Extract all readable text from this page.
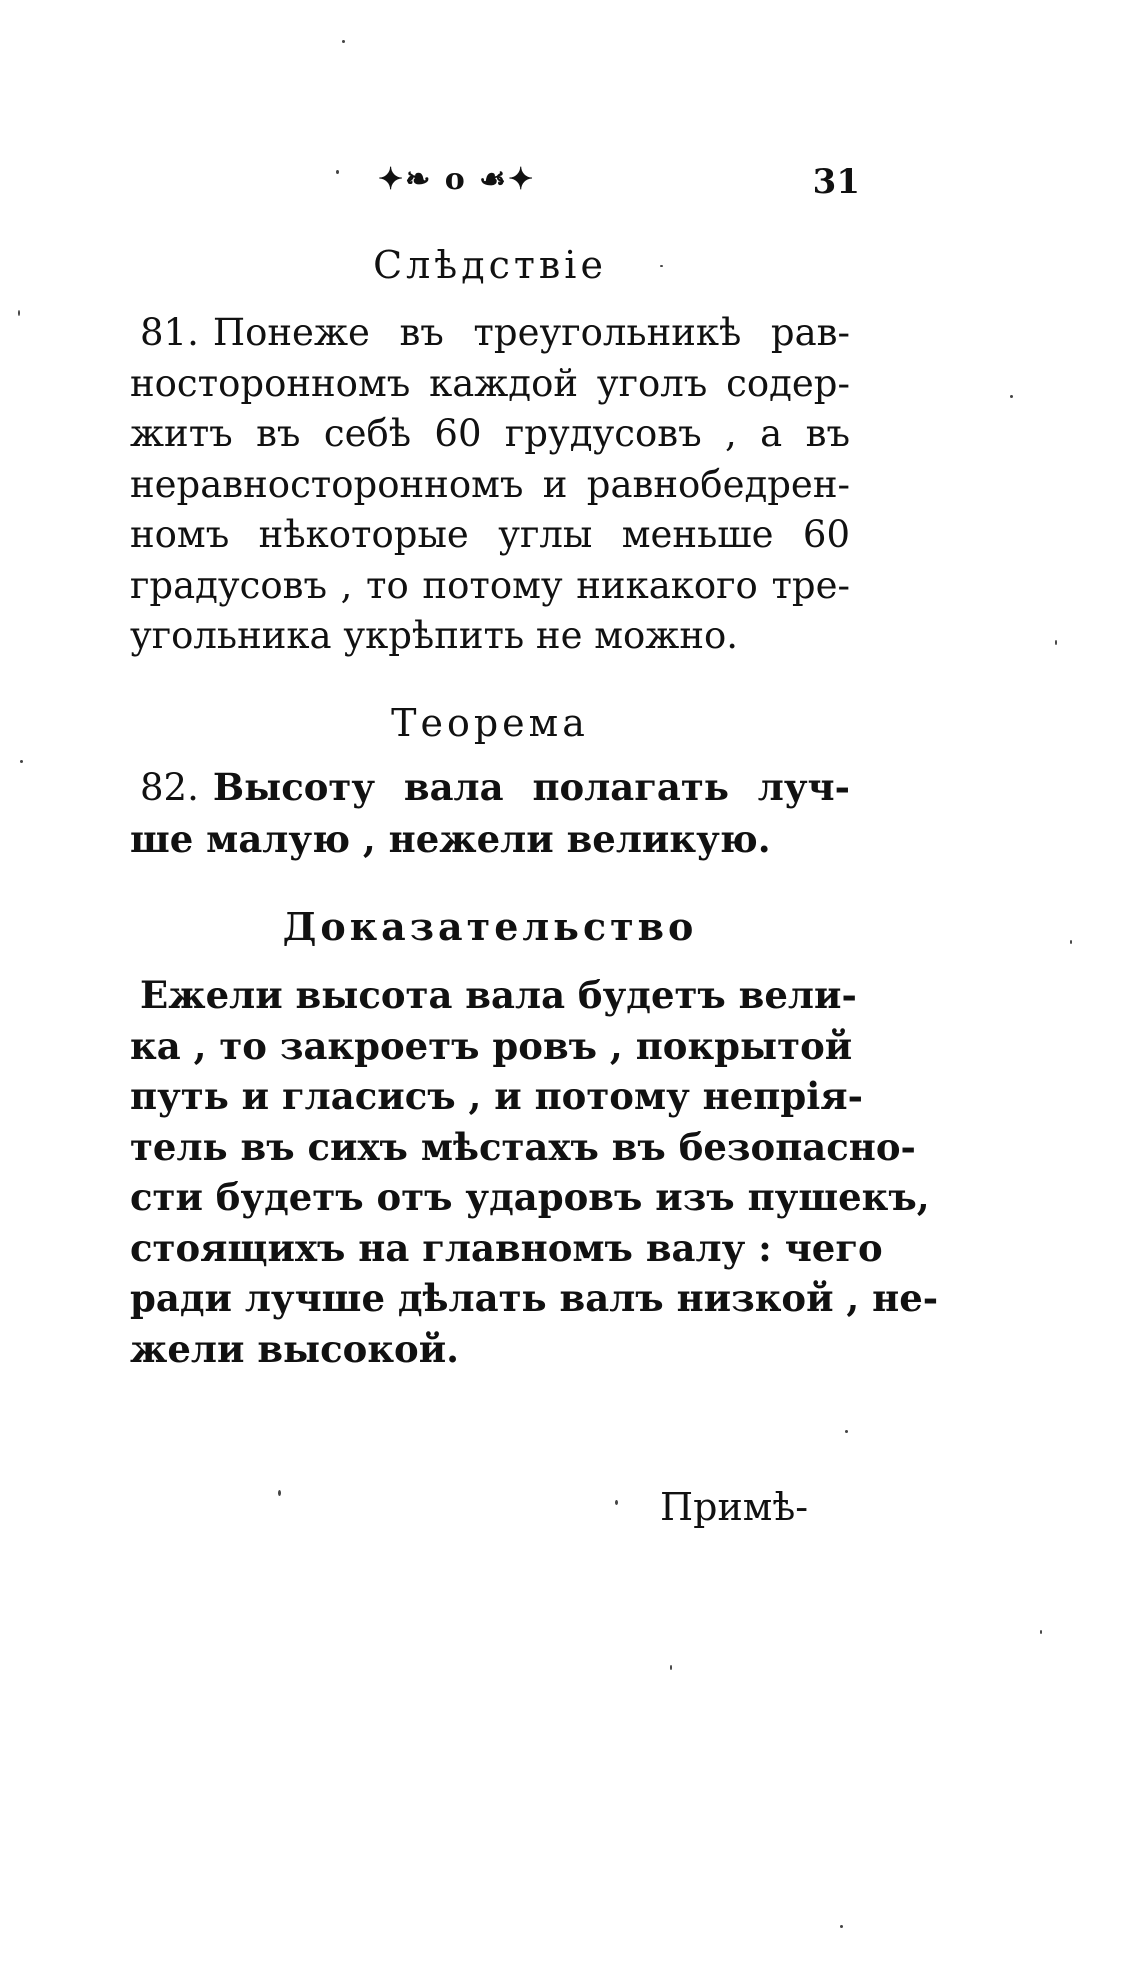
✦❧ o ☙✦	31
Слѣдствie
81. Понеже въ треугольникѣ рав-
носторонномъ каждой уголъ содер-
житъ въ себѣ 60 грудусовъ , а въ
неравносторонномъ и равнобедрен-
номъ нѣкоторые углы меньше 60
градусовъ , то потому никакого тре-
угольника укрѣпить не можно.
Теорема
82. Высоту вала полагать луч-
ше малую , нежели великую.
Доказательство
Ежели высота вала будетъ вели-
ка , то закроетъ ровъ , покрытой
путь и гласисъ , и потому непрія-
тель въ сихъ мѣстахъ въ безопасно-
сти будетъ отъ ударовъ изъ пушекъ,
стоящихъ на главномъ валу : чего
ради лучше дѣлать валъ низкой , не-
жели высокой.
Примѣ-
